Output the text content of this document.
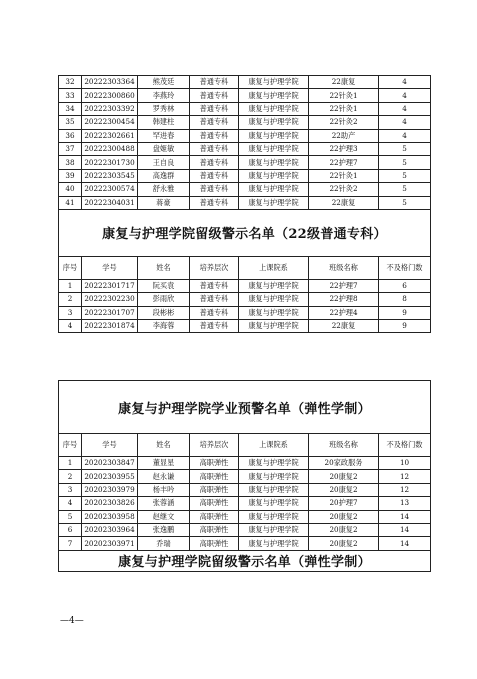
32	20222303364	熊茂廷	普通专科	康复与护理学院	22康复	4
33	20222300860	李燕玲	普通专科	康复与护理学院	22针灸1	4
34	20222303392	罗秀林	普通专科	康复与护理学院	22针灸1	4
35	20222300454	韩建柱	普通专科	康复与护理学院	22针灸2	4
36	20222302661	罕进春	普通专科	康复与护理学院	22助产	4
37	20222300488	盘姬敏	普通专科	康复与护理学院	22护理3	5
38	20222301730	王自良	普通专科	康复与护理学院	22护理7	5
39	20222303545	高逸群	普通专科	康复与护理学院	22针灸1	5
40	20222300574	舒永雅	普通专科	康复与护理学院	22针灸2	5
41	20222304031	蒋豪	普通专科	康复与护理学院	22康复	5
康复与护理学院留级警示名单（22级普通专科）						
序号	学号	姓名	培养层次	上课院系	班级名称	不及格门数
1	20222301717	阮买袁	普通专科	康复与护理学院	22护理7	6
2	20222302230	彭雨欣	普通专科	康复与护理学院	22护理8	8
3	20222301707	段彬彬	普通专科	康复与护理学院	22护理4	9
4	20222301874	李海蓉	普通专科	康复与护理学院	22康复	9
康复与护理学院学业预警名单（弹性学制）						
序号	学号	姓名	培养层次	上课院系	班级名称	不及格门数
1	20202303847	董显星	高职弹性	康复与护理学院	20家政服务	10
2	20202303955	赵永谦	高职弹性	康复与护理学院	20康复2	12
3	20202303979	杨丰吟	高职弹性	康复与护理学院	20康复2	12
4	20202303826	张蓉涵	高职弹性	康复与护理学院	20护理7	13
5	20202303958	赵继文	高职弹性	康复与护理学院	20康复2	14
6	20202303964	张逸鹏	高职弹性	康复与护理学院	20康复2	14
7	20202303971	乔瑞	高职弹性	康复与护理学院	20康复2	14
康复与护理学院留级警示名单（弹性学制）						
—4—
